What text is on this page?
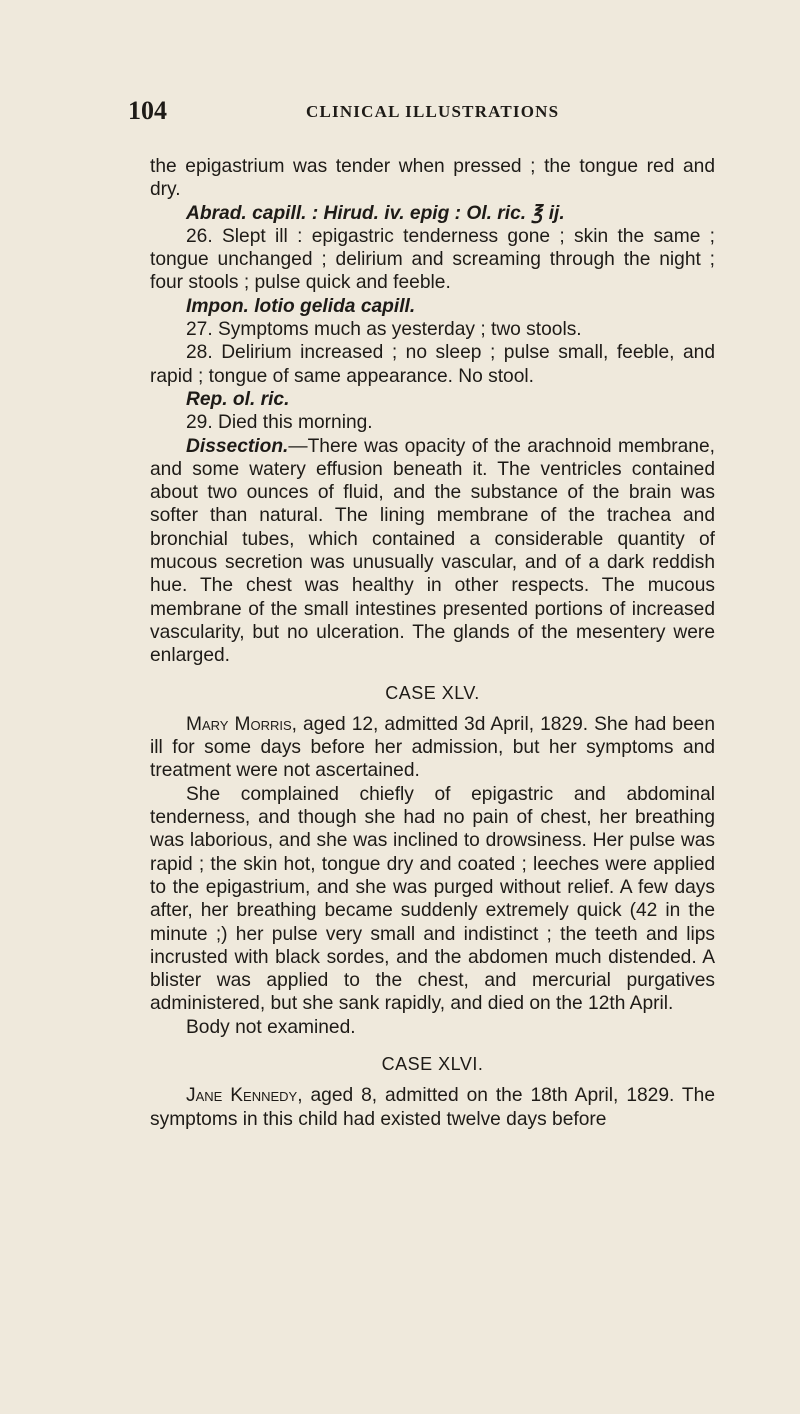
104	CLINICAL ILLUSTRATIONS

the epigastrium was tender when pressed ; the tongue red and dry.

Abrad. capill. : Hirud. iv. epig : Ol. ric. ℥ ij.

26. Slept ill : epigastric tenderness gone ; skin the same ; tongue unchanged ; delirium and screaming through the night ; four stools ; pulse quick and feeble.

Impon. lotio gelida capill.

27. Symptoms much as yesterday ; two stools.

28. Delirium increased ; no sleep ; pulse small, feeble, and rapid ; tongue of same appearance. No stool.

Rep. ol. ric.

29. Died this morning.

Dissection.—There was opacity of the arachnoid membrane, and some watery effusion beneath it. The ventricles contained about two ounces of fluid, and the substance of the brain was softer than natural. The lining membrane of the trachea and bronchial tubes, which contained a considerable quantity of mucous secretion was unusually vascular, and of a dark reddish hue. The chest was healthy in other respects. The mucous membrane of the small intestines presented portions of increased vascularity, but no ulceration. The glands of the mesentery were enlarged.

CASE XLV.

Mary Morris, aged 12, admitted 3d April, 1829. She had been ill for some days before her admission, but her symptoms and treatment were not ascertained.

She complained chiefly of epigastric and abdominal tenderness, and though she had no pain of chest, her breathing was laborious, and she was inclined to drowsiness. Her pulse was rapid ; the skin hot, tongue dry and coated ; leeches were applied to the epigastrium, and she was purged without relief. A few days after, her breathing became suddenly extremely quick (42 in the minute ;) her pulse very small and indistinct ; the teeth and lips incrusted with black sordes, and the abdomen much distended. A blister was applied to the chest, and mercurial purgatives administered, but she sank rapidly, and died on the 12th April.

Body not examined.

CASE XLVI.

Jane Kennedy, aged 8, admitted on the 18th April, 1829. The symptoms in this child had existed twelve days before
